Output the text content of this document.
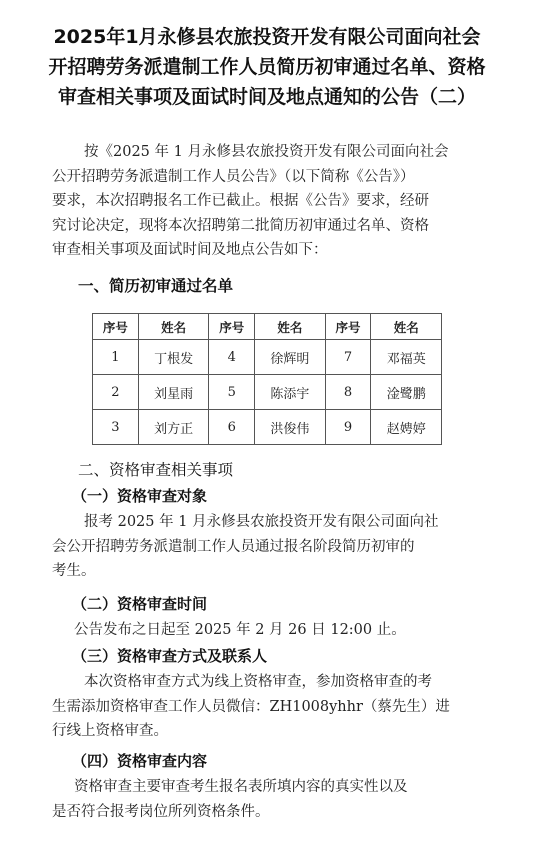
2025年1月永修县农旅投资开发有限公司面向社会
开招聘劳务派遣制工作人员简历初审通过名单、资格
审查相关事项及面试时间及地点通知的公告（二）
按《2025 年 1 月永修县农旅投资开发有限公司面向社会
公开招聘劳务派遣制工作人员公告》（以下简称《公告》）
要求，本次招聘报名工作已截止。根据《公告》要求，经研
究讨论决定，现将本次招聘第二批简历初审通过名单、资格
审查相关事项及面试时间及地点公告如下：
一、简历初审通过名单
序号	姓名	序号	姓名	序号	姓名
1	丁根发	4	徐辉明	7	邓福英
2	刘星雨	5	陈添宇	8	淦鹭鹏
3	刘方正	6	洪俊伟	9	赵娉婷
二、资格审查相关事项
（一）资格审查对象
报考 2025 年 1 月永修县农旅投资开发有限公司面向社
会公开招聘劳务派遣制工作人员通过报名阶段简历初审的
考生。
（二）资格审查时间
公告发布之日起至 2025 年 2 月 26 日 12:00 止。
（三）资格审查方式及联系人
本次资格审查方式为线上资格审查，参加资格审查的考
生需添加资格审查工作人员微信：ZH1008yhhr（蔡先生）进
行线上资格审查。
（四）资格审查内容
资格审查主要审查考生报名表所填内容的真实性以及
是否符合报考岗位所列资格条件。
